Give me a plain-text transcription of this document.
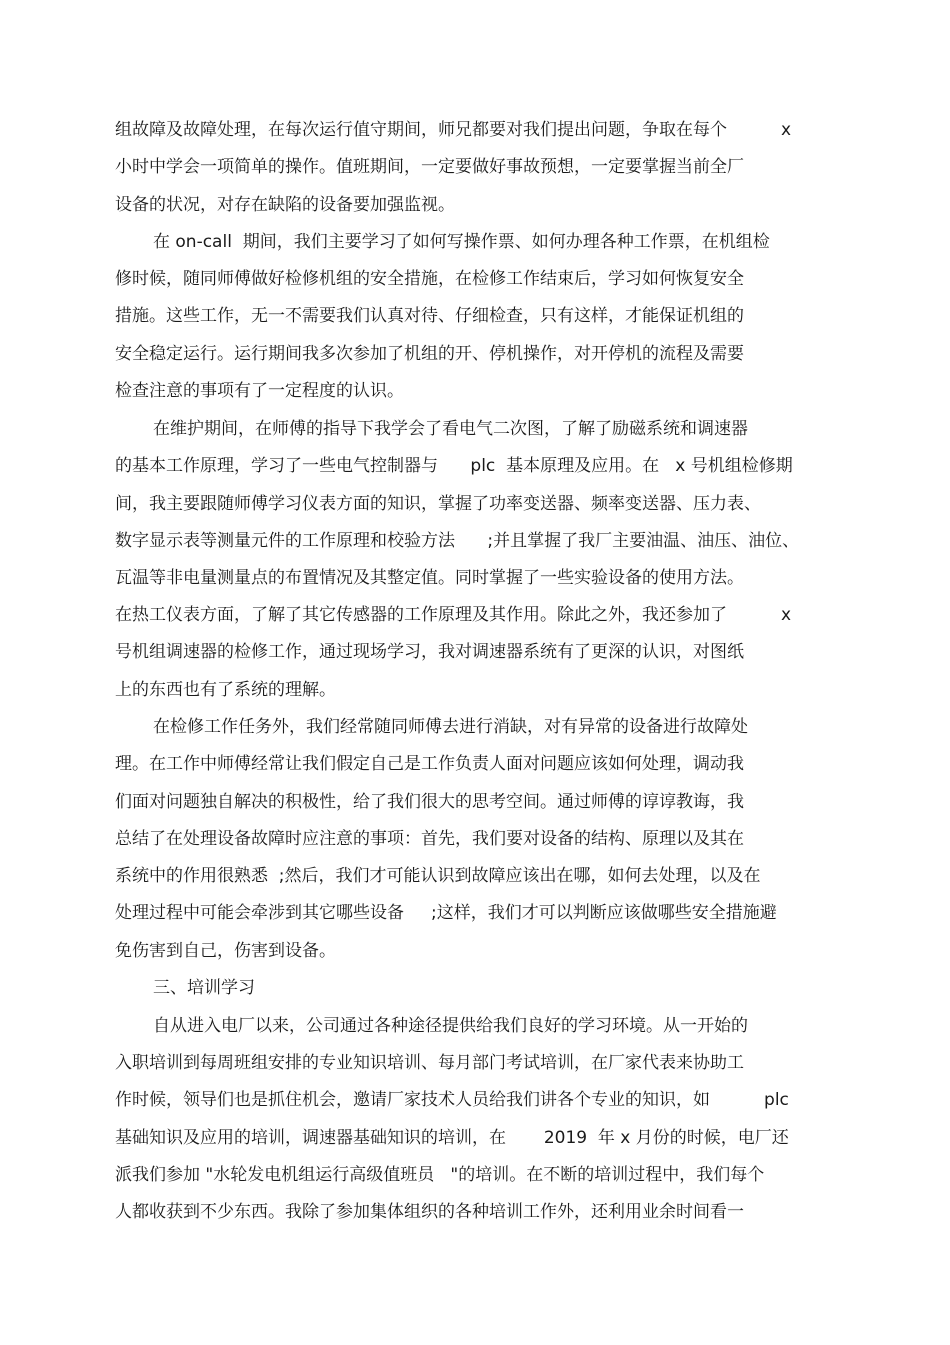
组故障及故障处理，在每次运行值守期间，师兄都要对我们提出问题，争取在每个          x
小时中学会一项简单的操作。值班期间，一定要做好事故预想，一定要掌握当前全厂
设备的状况，对存在缺陷的设备要加强监视。
在 on-call  期间，我们主要学习了如何写操作票、如何办理各种工作票，在机组检
修时候，随同师傅做好检修机组的安全措施，在检修工作结束后，学习如何恢复安全
措施。这些工作，无一不需要我们认真对待、仔细检查，只有这样，才能保证机组的
安全稳定运行。运行期间我多次参加了机组的开、停机操作，对开停机的流程及需要
检查注意的事项有了一定程度的认识。
在维护期间，在师傅的指导下我学会了看电气二次图，了解了励磁系统和调速器
的基本工作原理，学习了一些电气控制器与      plc  基本原理及应用。在   x 号机组检修期
间，我主要跟随师傅学习仪表方面的知识，掌握了功率变送器、频率变送器、压力表、
数字显示表等测量元件的工作原理和校验方法      ;并且掌握了我厂主要油温、油压、油位、
瓦温等非电量测量点的布置情况及其整定值。同时掌握了一些实验设备的使用方法。
在热工仪表方面，了解了其它传感器的工作原理及其作用。除此之外，我还参加了          x
号机组调速器的检修工作，通过现场学习，我对调速器系统有了更深的认识，对图纸
上的东西也有了系统的理解。
在检修工作任务外，我们经常随同师傅去进行消缺，对有异常的设备进行故障处
理。在工作中师傅经常让我们假定自己是工作负责人面对问题应该如何处理，调动我
们面对问题独自解决的积极性，给了我们很大的思考空间。通过师傅的谆谆教诲，我
总结了在处理设备故障时应注意的事项：首先，我们要对设备的结构、原理以及其在
系统中的作用很熟悉  ;然后，我们才可能认识到故障应该出在哪，如何去处理，以及在
处理过程中可能会牵涉到其它哪些设备     ;这样，我们才可以判断应该做哪些安全措施避
免伤害到自己，伤害到设备。
三、培训学习
自从进入电厂以来，公司通过各种途径提供给我们良好的学习环境。从一开始的
入职培训到每周班组安排的专业知识培训、每月部门考试培训，在厂家代表来协助工
作时候，领导们也是抓住机会，邀请厂家技术人员给我们讲各个专业的知识，如          plc
基础知识及应用的培训，调速器基础知识的培训，在       2019  年 x 月份的时候，电厂还
派我们参加 "水轮发电机组运行高级值班员   "的培训。在不断的培训过程中，我们每个
人都收获到不少东西。我除了参加集体组织的各种培训工作外，还利用业余时间看一
